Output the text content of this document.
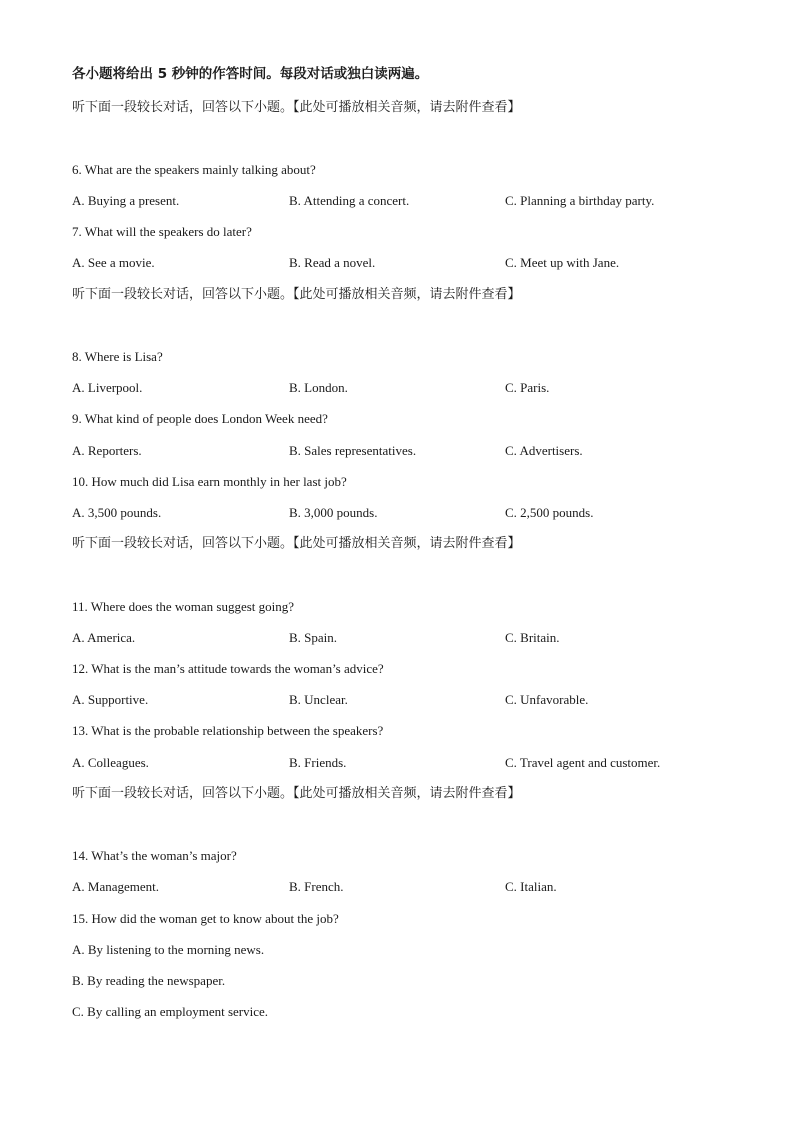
各小题将给出 5 秒钟的作答时间。每段对话或独白读两遍。
听下面一段较长对话，回答以下小题。【此处可播放相关音频，请去附件查看】
6. What are the speakers mainly talking about?
A. Buying a present.	B. Attending a concert.	C. Planning a birthday party.
7. What will the speakers do later?
A. See a movie.	B. Read a novel.	C. Meet up with Jane.
听下面一段较长对话，回答以下小题。【此处可播放相关音频，请去附件查看】
8. Where is Lisa?
A. Liverpool.	B. London.	C. Paris.
9. What kind of people does London Week need?
A. Reporters.	B. Sales representatives.	C. Advertisers.
10. How much did Lisa earn monthly in her last job?
A. 3,500 pounds.	B. 3,000 pounds.	C. 2,500 pounds.
听下面一段较长对话，回答以下小题。【此处可播放相关音频，请去附件查看】
11. Where does the woman suggest going?
A. America.	B. Spain.	C. Britain.
12. What is the man’s attitude towards the woman’s advice?
A. Supportive.	B. Unclear.	C. Unfavorable.
13. What is the probable relationship between the speakers?
A. Colleagues.	B. Friends.	C. Travel agent and customer.
听下面一段较长对话，回答以下小题。【此处可播放相关音频，请去附件查看】
14. What’s the woman’s major?
A. Management.	B. French.	C. Italian.
15. How did the woman get to know about the job?
A. By listening to the morning news.
B. By reading the newspaper.
C. By calling an employment service.
